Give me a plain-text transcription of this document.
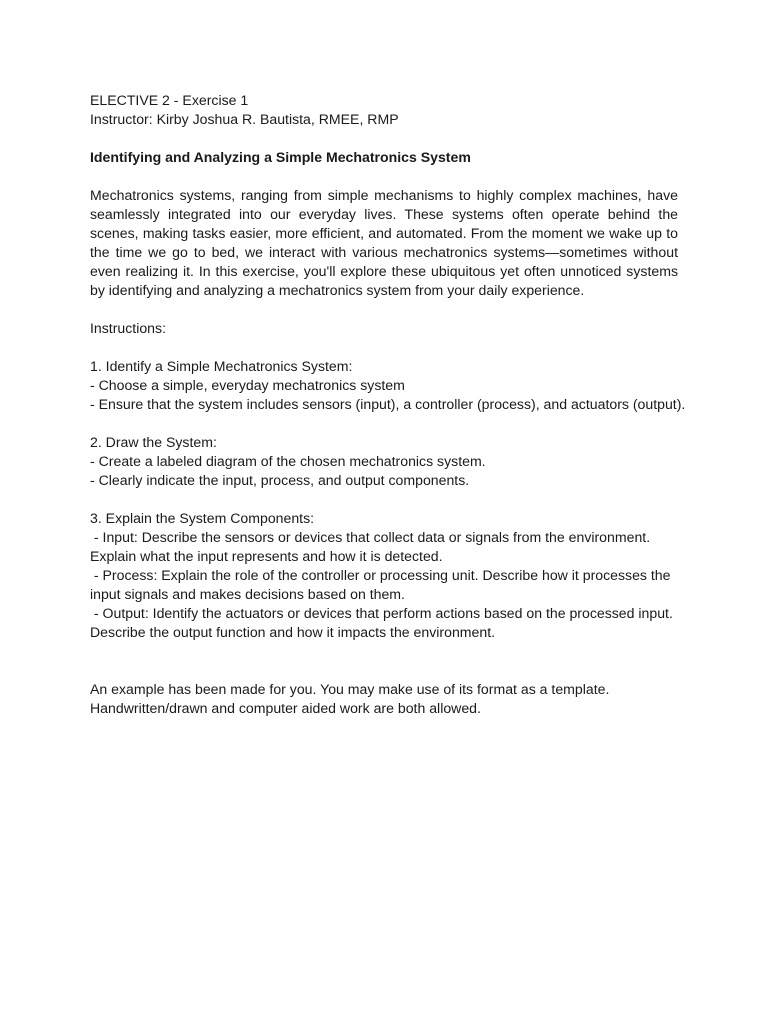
ELECTIVE 2 - Exercise 1
Instructor: Kirby Joshua R. Bautista, RMEE, RMP
Identifying and Analyzing a Simple Mechatronics System

Mechatronics systems, ranging from simple mechanisms to highly complex machines, have seamlessly integrated into our everyday lives. These systems often operate behind the scenes, making tasks easier, more efficient, and automated. From the moment we wake up to the time we go to bed, we interact with various mechatronics systems—sometimes without even realizing it. In this exercise, you'll explore these ubiquitous yet often unnoticed systems by identifying and analyzing a mechatronics system from your daily experience.

Instructions:
1. Identify a Simple Mechatronics System:
- Choose a simple, everyday mechatronics system
- Ensure that the system includes sensors (input), a controller (process), and actuators (output).
2. Draw the System:
- Create a labeled diagram of the chosen mechatronics system.
- Clearly indicate the input, process, and output components.
3. Explain the System Components:

- Input: Describe the sensors or devices that collect data or signals from the environment. Explain what the input represents and how it is detected.

- Process: Explain the role of the controller or processing unit. Describe how it processes the input signals and makes decisions based on them.

- Output: Identify the actuators or devices that perform actions based on the processed input. Describe the output function and how it impacts the environment.

An example has been made for you. You may make use of its format as a template.
Handwritten/drawn and computer aided work are both allowed.
